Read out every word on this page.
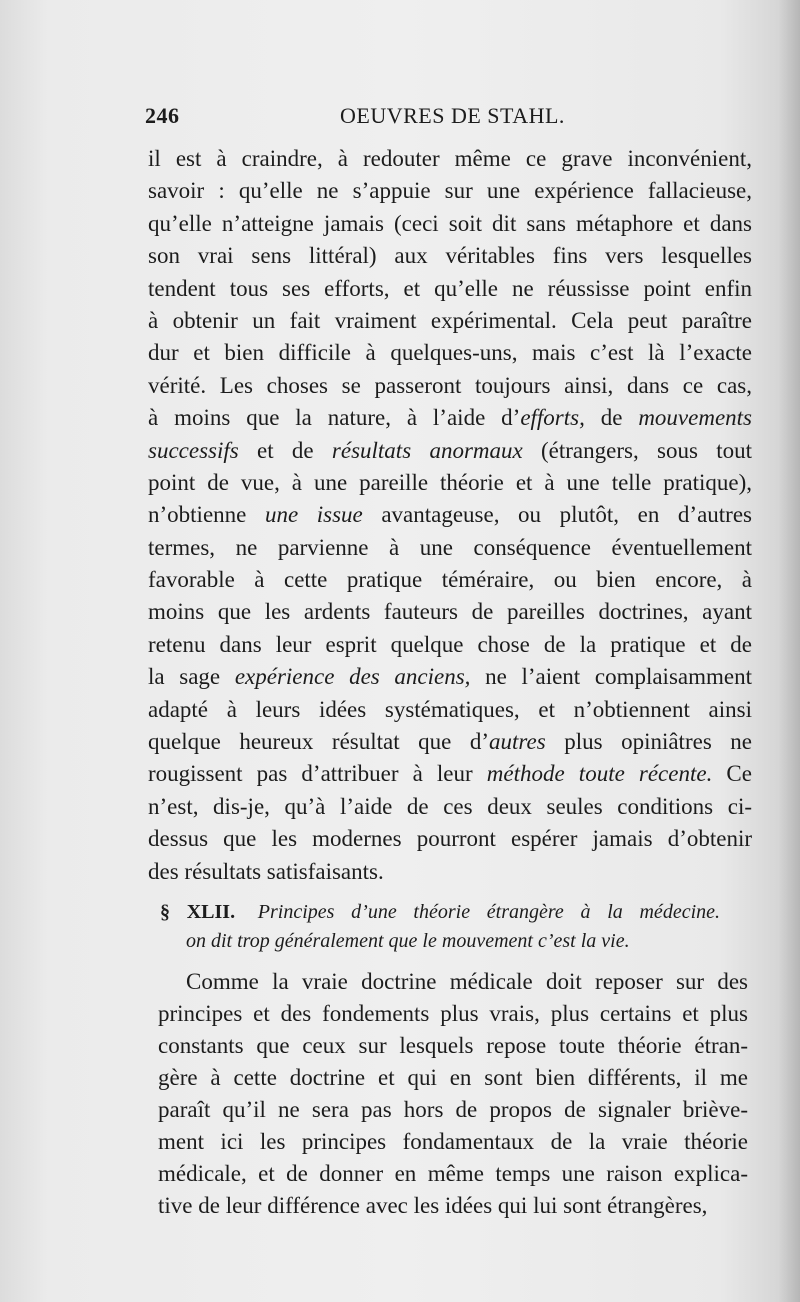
246	OEUVRES DE STAHL.
il est à craindre, à redouter même ce grave inconvénient,
savoir : qu’elle ne s’appuie sur une expérience fallacieuse,
qu’elle n’atteigne jamais (ceci soit dit sans métaphore et dans
son vrai sens littéral) aux véritables fins vers lesquelles
tendent tous ses efforts, et qu’elle ne réussisse point enfin
à obtenir un fait vraiment expérimental. Cela peut paraître
dur et bien difficile à quelques-uns, mais c’est là l’exacte
vérité. Les choses se passeront toujours ainsi, dans ce cas,
à moins que la nature, à l’aide d’efforts, de mouvements
successifs et de résultats anormaux (étrangers, sous tout
point de vue, à une pareille théorie et à une telle pratique),
n’obtienne une issue avantageuse, ou plutôt, en d’autres
termes, ne parvienne à une conséquence éventuellement
favorable à cette pratique téméraire, ou bien encore, à
moins que les ardents fauteurs de pareilles doctrines, ayant
retenu dans leur esprit quelque chose de la pratique et de
la sage expérience des anciens, ne l’aient complaisamment
adapté à leurs idées systématiques, et n’obtiennent ainsi
quelque heureux résultat que d’autres plus opiniâtres ne
rougissent pas d’attribuer à leur méthode toute récente. Ce
n’est, dis-je, qu’à l’aide de ces deux seules conditions ci-
dessus que les modernes pourront espérer jamais d’obtenir
des résultats satisfaisants.
§ XLII. Principes d’une théorie étrangère à la médecine.
on dit trop généralement que le mouvement c’est la vie.
Comme la vraie doctrine médicale doit reposer sur des
principes et des fondements plus vrais, plus certains et plus
constants que ceux sur lesquels repose toute théorie étran-
gère à cette doctrine et qui en sont bien différents, il me
paraît qu’il ne sera pas hors de propos de signaler briève-
ment ici les principes fondamentaux de la vraie théorie
médicale, et de donner en même temps une raison explica-
tive de leur différence avec les idées qui lui sont étrangères,
